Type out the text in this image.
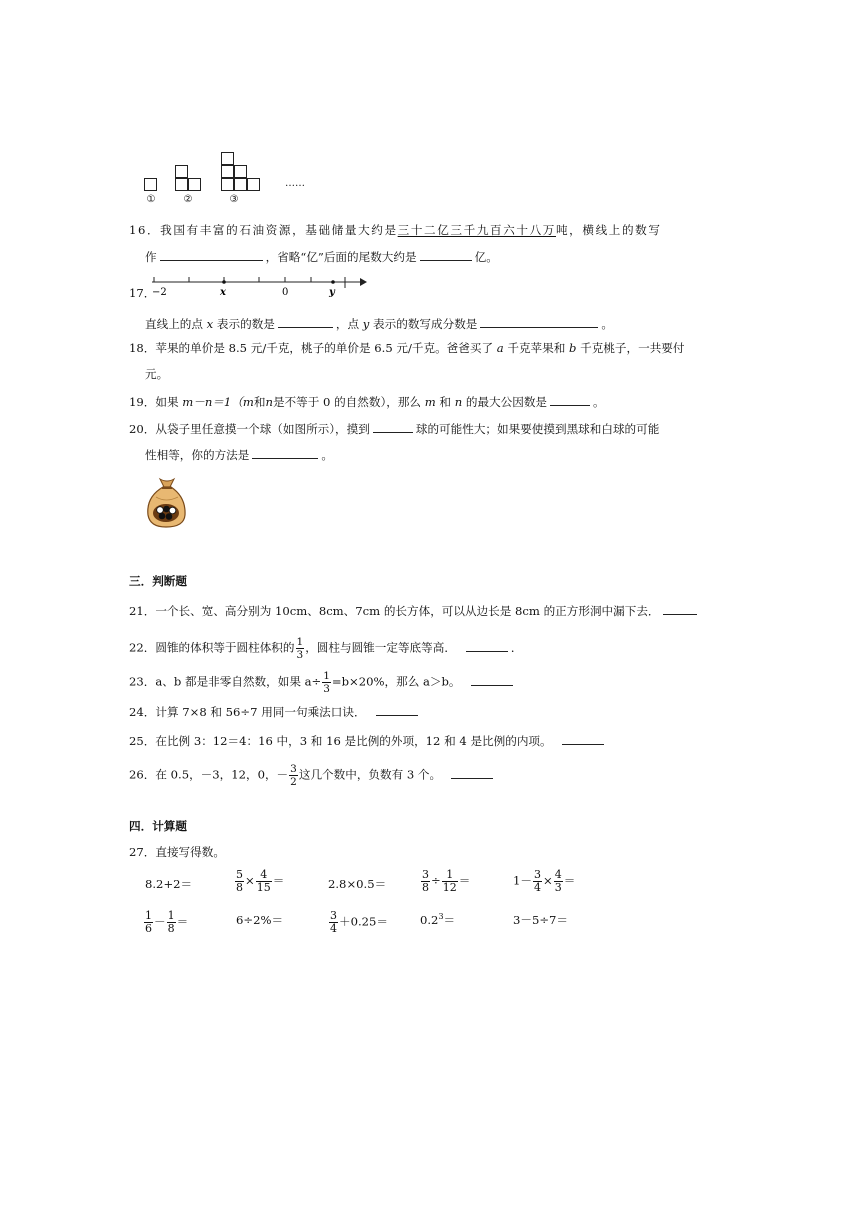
①	②	③
……
16．我国有丰富的石油资源，基础储量大约是三十二亿三千九百六十八万吨，横线上的数写
作	，省略“亿”后面的尾数大约是	亿。
17．
−2	x	0	y
直线上的点 x 表示的数是	，点 y 表示的数写成分数是	。
18．苹果的单价是 8.5 元/千克，桃子的单价是 6.5 元/千克。爸爸买了 a 千克苹果和 b 千克桃子，一共要付
元。
19．如果 m－n＝1（m和n是不等于 0 的自然数），那么 m 和 n 的最大公因数是	。
20．从袋子里任意摸一个球（如图所示），摸到	球的可能性大；如果要使摸到黑球和白球的可能
性相等，你的方法是	。
三．判断题
21．一个长、宽、高分别为 10cm、8cm、7cm 的长方体，可以从边长是 8cm 的正方形洞中漏下去．
22．圆锥的体积等于圆柱体积的 $\frac{1}{3}$ ，圆柱与圆锥一定等底等高．	．
23．a、b 都是非零自然数，如果 $a\div \frac{1}{3} =b\times 20\%$，那么 a＞b。
24．计算 7×8 和 56÷7 用同一句乘法口诀．
25．在比例 3：12＝4：16 中，3 和 16 是比例的外项，12 和 4 是比例的内项。
26．在 0.5，－3，12，0，－ $\frac{3}{2}$ 这几个数中，负数有 3 个。
四．计算题
27．直接写得数。
8.2+2＝	$\frac{5}{8} \times \frac{4}{15}$ ＝	2.8×0.5＝	$\frac{3}{8} \div \frac{1}{12}$ ＝	$1- \frac{3}{4} \times \frac{4}{3}$ ＝
$\frac{1}{6} - \frac{1}{8}$ ＝	6÷2%＝	$\frac{3}{4} +0.25=$	$0.2^3=$	3－5÷7＝
